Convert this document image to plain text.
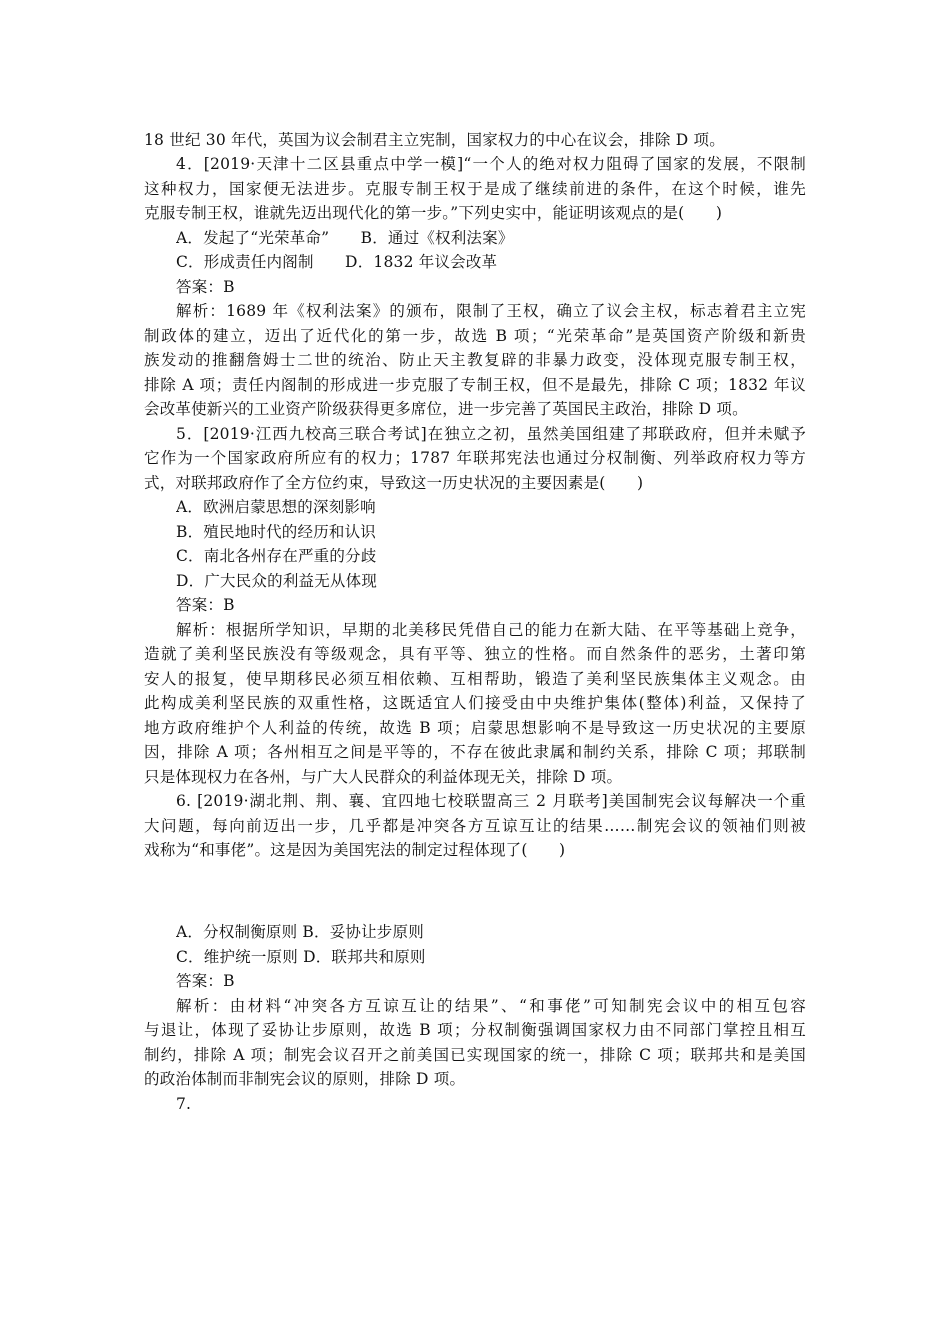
18 世纪 30 年代，英国为议会制君主立宪制，国家权力的中心在议会，排除 D 项。
4．[2019·天津十二区县重点中学一模]“一个人的绝对权力阻碍了国家的发展，不限制
这种权力，国家便无法进步。克服专制王权于是成了继续前进的条件，在这个时候，谁先
克服专制王权，谁就先迈出现代化的第一步。”下列史实中，能证明该观点的是(　　)
A．发起了“光荣革命”　　B．通过《权利法案》
C．形成责任内阁制　　D．1832 年议会改革
答案：B
解析：1689 年《权利法案》的颁布，限制了王权，确立了议会主权，标志着君主立宪
制政体的建立，迈出了近代化的第一步，故选 B 项；“光荣革命”是英国资产阶级和新贵
族发动的推翻詹姆士二世的统治、防止天主教复辟的非暴力政变，没体现克服专制王权，
排除 A 项；责任内阁制的形成进一步克服了专制王权，但不是最先，排除 C 项；1832 年议
会改革使新兴的工业资产阶级获得更多席位，进一步完善了英国民主政治，排除 D 项。
5．[2019·江西九校高三联合考试]在独立之初，虽然美国组建了邦联政府，但并未赋予
它作为一个国家政府所应有的权力；1787 年联邦宪法也通过分权制衡、列举政府权力等方
式，对联邦政府作了全方位约束，导致这一历史状况的主要因素是(　　)
A．欧洲启蒙思想的深刻影响
B．殖民地时代的经历和认识
C．南北各州存在严重的分歧
D．广大民众的利益无从体现
答案：B
解析：根据所学知识，早期的北美移民凭借自己的能力在新大陆、在平等基础上竞争，
造就了美利坚民族没有等级观念，具有平等、独立的性格。而自然条件的恶劣，土著印第
安人的报复，使早期移民必须互相依赖、互相帮助，锻造了美利坚民族集体主义观念。由
此构成美利坚民族的双重性格，这既适宜人们接受由中央维护集体(整体)利益，又保持了
地方政府维护个人利益的传统，故选 B 项；启蒙思想影响不是导致这一历史状况的主要原
因，排除 A 项；各州相互之间是平等的，不存在彼此隶属和制约关系，排除 C 项；邦联制
只是体现权力在各州，与广大人民群众的利益体现无关，排除 D 项。
6. [2019·湖北荆、荆、襄、宜四地七校联盟高三 2 月联考]美国制宪会议每解决一个重
大问题，每向前迈出一步，几乎都是冲突各方互谅互让的结果……制宪会议的领袖们则被
戏称为“和事佬”。这是因为美国宪法的制定过程体现了(　　)
A．分权制衡原则 B．妥协让步原则
C．维护统一原则 D．联邦共和原则
答案：B
解析：由材料“冲突各方互谅互让的结果”、“和事佬”可知制宪会议中的相互包容
与退让，体现了妥协让步原则，故选 B 项；分权制衡强调国家权力由不同部门掌控且相互
制约，排除 A 项；制宪会议召开之前美国已实现国家的统一，排除 C 项；联邦共和是美国
的政治体制而非制宪会议的原则，排除 D 项。
7.
